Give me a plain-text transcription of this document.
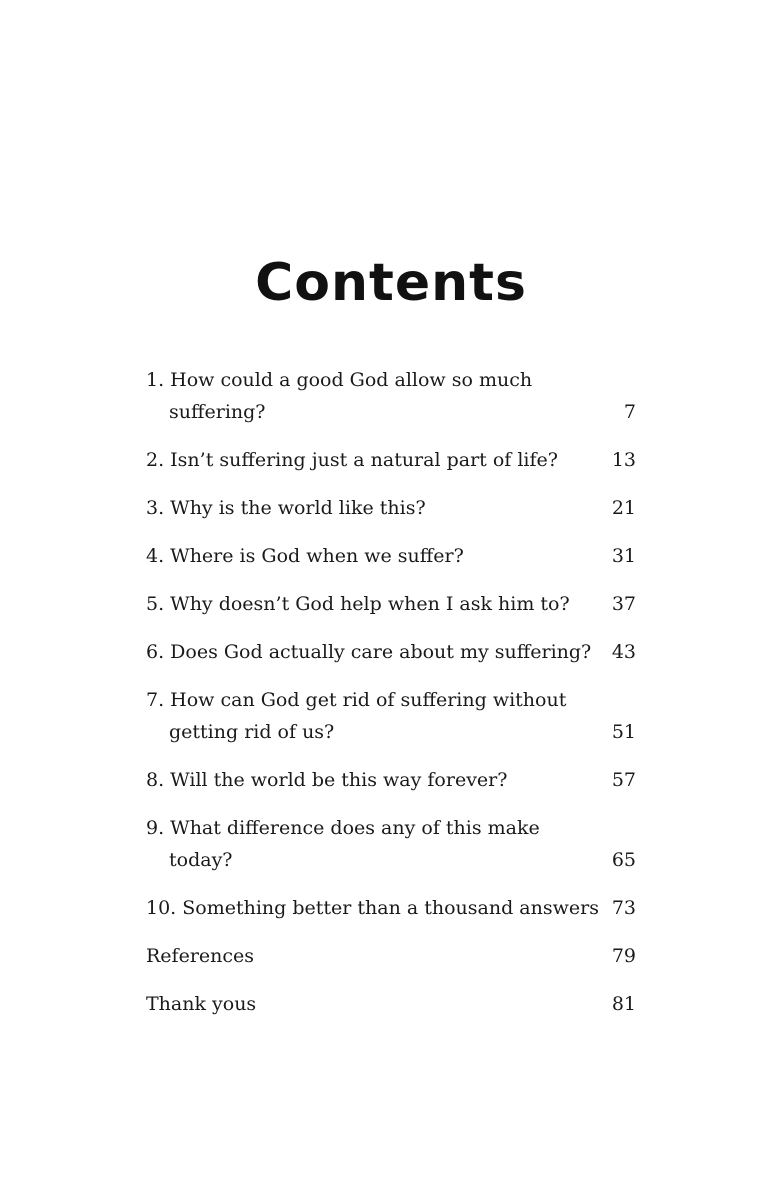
Contents
1. How could a good God allow so much
suffering?	7
2. Isn’t suffering just a natural part of life?	13
3. Why is the world like this?	21
4. Where is God when we suffer?	31
5. Why doesn’t God help when I ask him to?	37
6. Does God actually care about my suffering?	43
7. How can God get rid of suffering without
getting rid of us?	51
8. Will the world be this way forever?	57
9. What difference does any of this make
today?	65
10. Something better than a thousand answers 73
References	79
Thank yous	81
